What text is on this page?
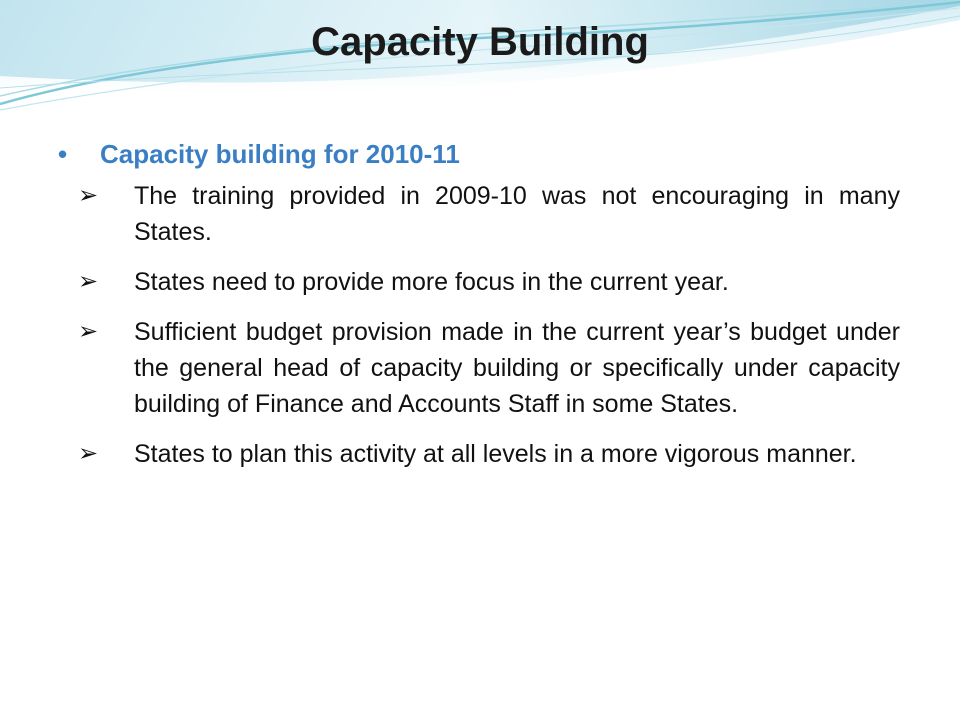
Capacity Building
•	Capacity building for 2010-11
➢	The training provided in 2009-10 was not encouraging in many States.
➢	States need to provide more focus in the current year.
➢	Sufficient budget provision made in the current year’s budget under the general head of capacity building or specifically under capacity building of Finance and Accounts Staff in some States.
➢	States to plan this activity at all levels in a more vigorous manner.
